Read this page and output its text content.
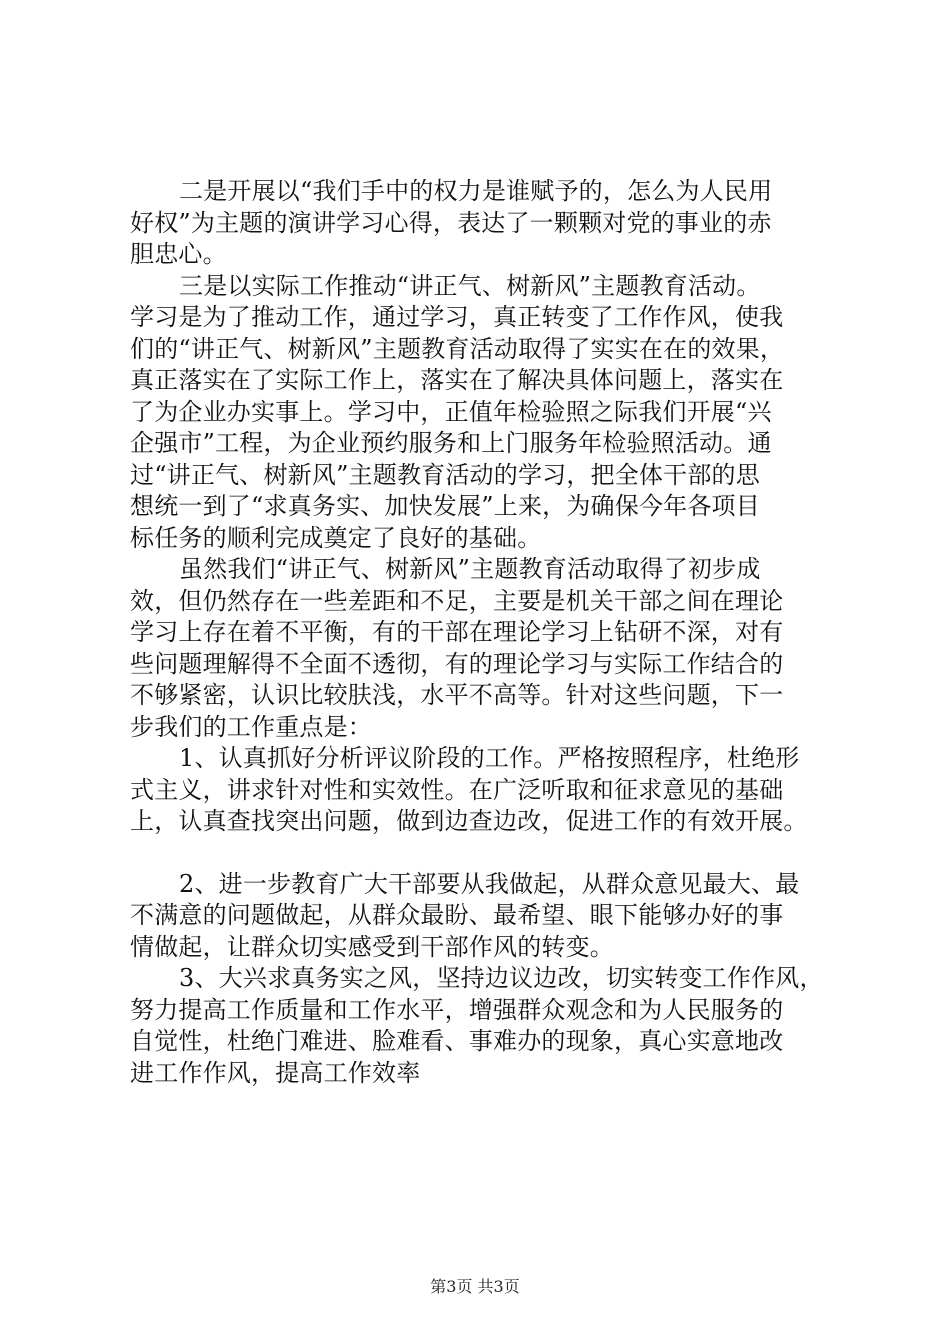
二是开展以“我们手中的权力是谁赋予的，怎么为人民用
好权”为主题的演讲学习心得，表达了一颗颗对党的事业的赤
胆忠心。
三是以实际工作推动“讲正气、树新风”主题教育活动。
学习是为了推动工作，通过学习，真正转变了工作作风，使我
们的“讲正气、树新风”主题教育活动取得了实实在在的效果，
真正落实在了实际工作上，落实在了解决具体问题上，落实在
了为企业办实事上。学习中，正值年检验照之际我们开展“兴
企强市”工程，为企业预约服务和上门服务年检验照活动。通
过“讲正气、树新风”主题教育活动的学习，把全体干部的思
想统一到了“求真务实、加快发展”上来，为确保今年各项目
标任务的顺利完成奠定了良好的基础。
虽然我们“讲正气、树新风”主题教育活动取得了初步成
效，但仍然存在一些差距和不足，主要是机关干部之间在理论
学习上存在着不平衡，有的干部在理论学习上钻研不深，对有
些问题理解得不全面不透彻，有的理论学习与实际工作结合的
不够紧密，认识比较肤浅，水平不高等。针对这些问题，下一
步我们的工作重点是：
1、认真抓好分析评议阶段的工作。严格按照程序，杜绝形
式主义，讲求针对性和实效性。在广泛听取和征求意见的基础
上，认真查找突出问题，做到边查边改，促进工作的有效开展。
2、进一步教育广大干部要从我做起，从群众意见最大、最
不满意的问题做起，从群众最盼、最希望、眼下能够办好的事
情做起，让群众切实感受到干部作风的转变。
3、大兴求真务实之风，坚持边议边改，切实转变工作作风，
努力提高工作质量和工作水平，增强群众观念和为人民服务的
自觉性，杜绝门难进、脸难看、事难办的现象，真心实意地改
进工作作风，提高工作效率
第3页 共3页
